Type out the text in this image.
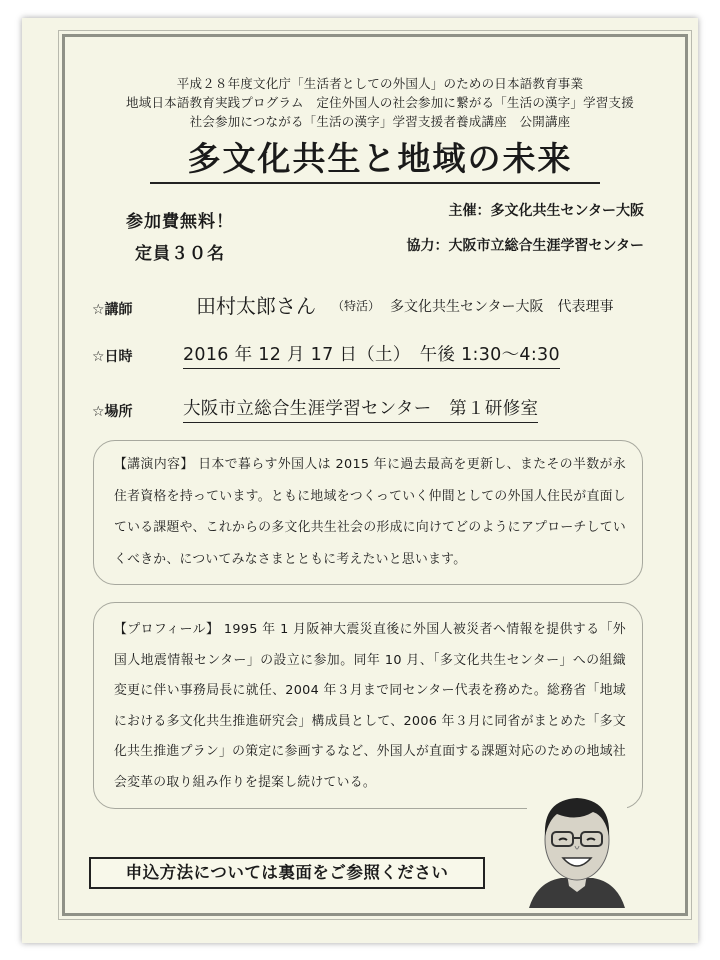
平成２８年度文化庁「生活者としての外国人」のための日本語教育事業
地域日本語教育実践プログラム　定住外国人の社会参加に繋がる「生活の漢字」学習支援
社会参加につながる「生活の漢字」学習支援者養成講座　公開講座
多文化共生と地域の未来
参加費無料！
定員３０名
主催：多文化共生センター大阪
協力：大阪市立総合生涯学習センター
☆講師	田村太郎さん （特活） 多文化共生センター大阪　代表理事
☆日時	2016 年 12 月 17 日（土）　午後 1:30〜4:30
☆場所	大阪市立総合生涯学習センター　第１研修室

【講演内容】 日本で暮らす外国人は 2015 年に過去最高を更新し、またその半数が永住者資格を持っています。ともに地域をつくっていく仲間としての外国人住民が直面している課題や、これからの多文化共生社会の形成に向けてどのようにアプローチしていくべきか、についてみなさまとともに考えたいと思います。

【プロフィール】 1995 年 1 月阪神大震災直後に外国人被災者へ情報を提供する「外国人地震情報センター」の設立に参加。同年 10 月、「多文化共生センター」への組織変更に伴い事務局長に就任、2004 年３月まで同センター代表を務めた。総務省「地域における多文化共生推進研究会」構成員として、2006 年３月に同省がまとめた「多文化共生推進プラン」の策定に参画するなど、外国人が直面する課題対応のための地域社会変革の取り組み作りを提案し続けている。

申込方法については裏面をご参照ください
